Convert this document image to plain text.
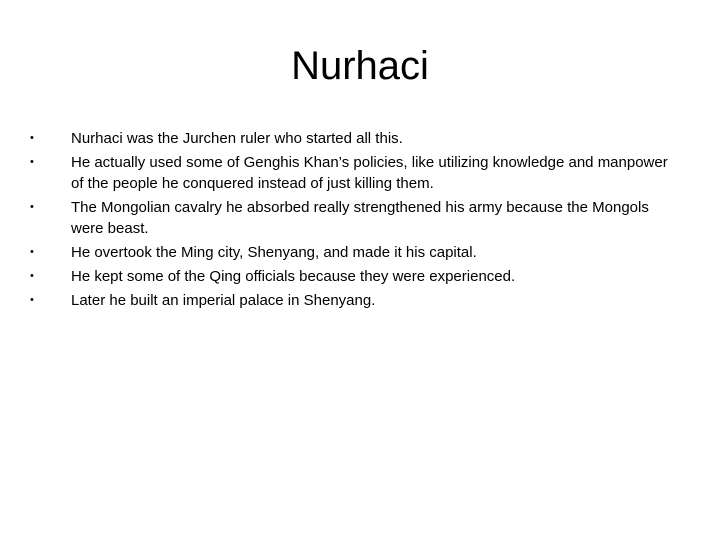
Nurhaci
•	Nurhaci was the Jurchen ruler who started all this.
•	He actually used some of Genghis Khan’s policies, like utilizing knowledge and manpower of the people he conquered instead of just killing them.
•	The Mongolian cavalry he absorbed really strengthened his army because the Mongols were beast.
•	He overtook the Ming city, Shenyang, and made it his capital.
•	He kept some of the Qing officials because they were experienced.
•	Later he built an imperial palace in Shenyang.
